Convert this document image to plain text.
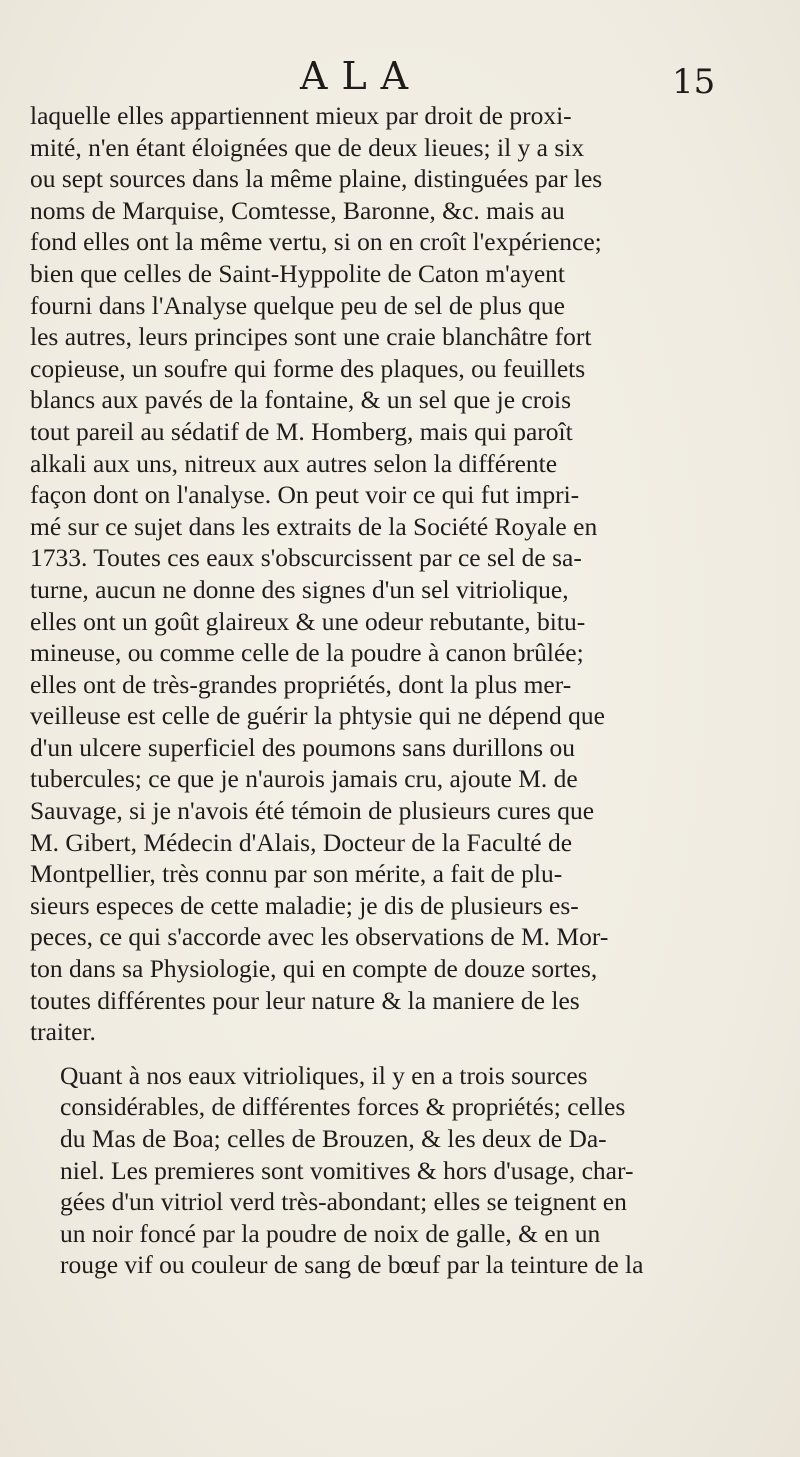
ALA	15

laquelle elles appartiennent mieux par droit de proxi-
mité, n'en étant éloignées que de deux lieues; il y a six
ou sept sources dans la même plaine, distinguées par les
noms de Marquise, Comtesse, Baronne, &c. mais au
fond elles ont la même vertu, si on en croît l'expérience;
bien que celles de Saint-Hyppolite de Caton m'ayent
fourni dans l'Analyse quelque peu de sel de plus que
les autres, leurs principes sont une craie blanchâtre fort
copieuse, un soufre qui forme des plaques, ou feuillets
blancs aux pavés de la fontaine, & un sel que je crois
tout pareil au sédatif de M. Homberg, mais qui paroît
alkali aux uns, nitreux aux autres selon la différente
façon dont on l'analyse. On peut voir ce qui fut impri-
mé sur ce sujet dans les extraits de la Société Royale en
1733. Toutes ces eaux s'obscurcissent par ce sel de sa-
turne, aucun ne donne des signes d'un sel vitriolique,
elles ont un goût glaireux & une odeur rebutante, bitu-
mineuse, ou comme celle de la poudre à canon brûlée;
elles ont de très-grandes propriétés, dont la plus mer-
veilleuse est celle de guérir la phtysie qui ne dépend que
d'un ulcere superficiel des poumons sans durillons ou
tubercules; ce que je n'aurois jamais cru, ajoute M. de
Sauvage, si je n'avois été témoin de plusieurs cures que
M. Gibert, Médecin d'Alais, Docteur de la Faculté de
Montpellier, très connu par son mérite, a fait de plu-
sieurs especes de cette maladie; je dis de plusieurs es-
peces, ce qui s'accorde avec les observations de M. Mor-
ton dans sa Physiologie, qui en compte de douze sortes,
toutes différentes pour leur nature & la maniere de les
traiter.

Quant à nos eaux vitrioliques, il y en a trois sources
considérables, de différentes forces & propriétés; celles
du Mas de Boa; celles de Brouzen, & les deux de Da-
niel. Les premieres sont vomitives & hors d'usage, char-
gées d'un vitriol verd très-abondant; elles se teignent en
un noir foncé par la poudre de noix de galle, & en un
rouge vif ou couleur de sang de bœuf par la teinture de la
